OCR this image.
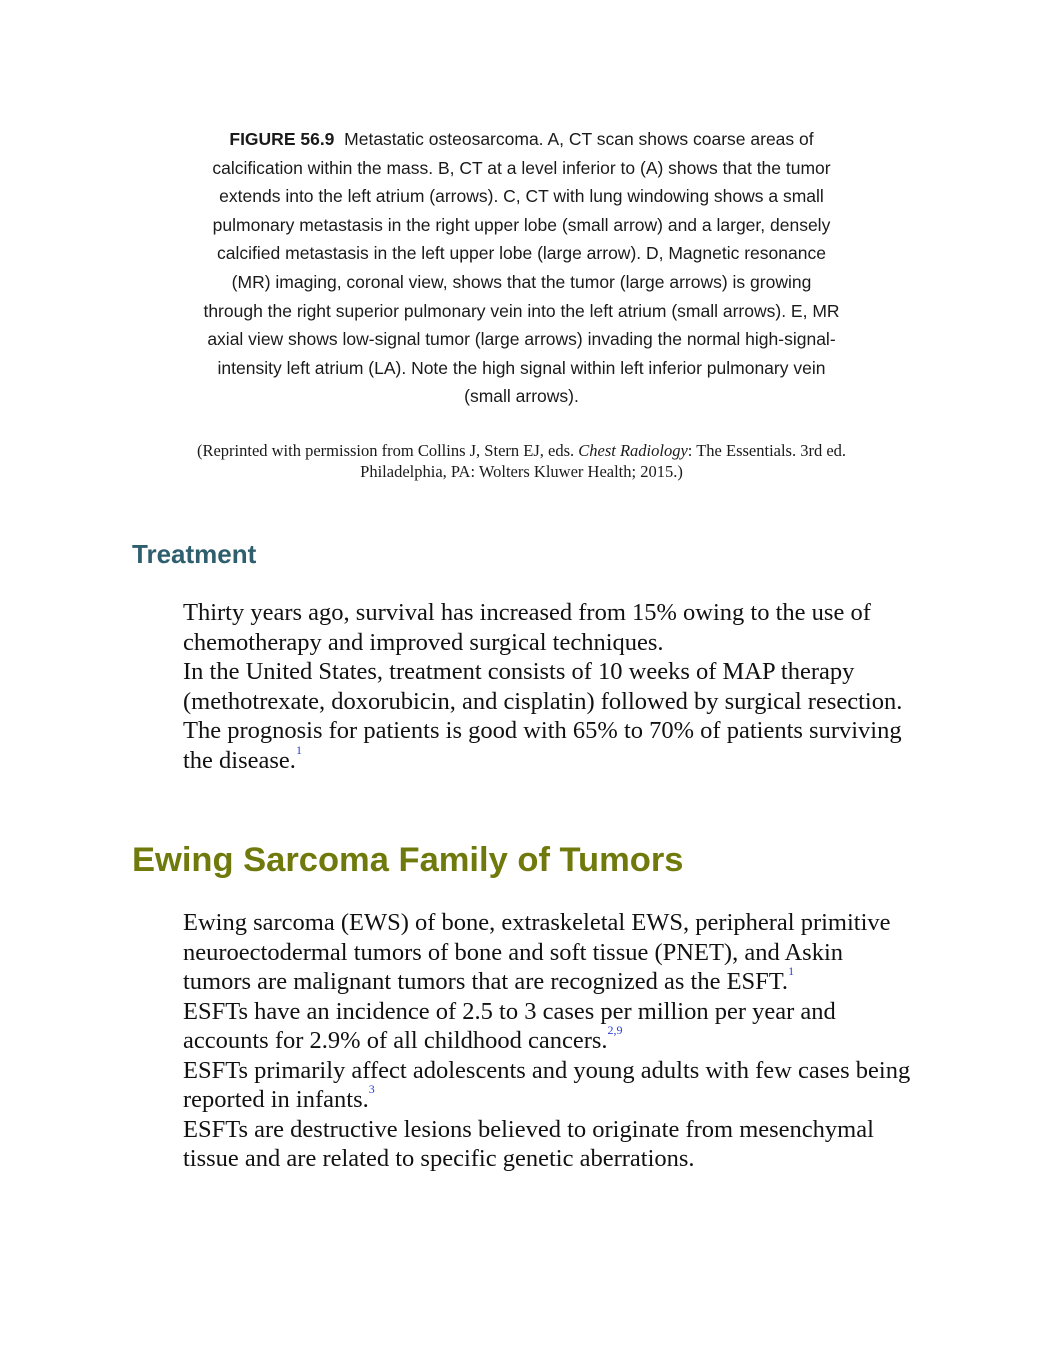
FIGURE 56.9 Metastatic osteosarcoma. A, CT scan shows coarse areas of calcification within the mass. B, CT at a level inferior to (A) shows that the tumor extends into the left atrium (arrows). C, CT with lung windowing shows a small pulmonary metastasis in the right upper lobe (small arrow) and a larger, densely calcified metastasis in the left upper lobe (large arrow). D, Magnetic resonance (MR) imaging, coronal view, shows that the tumor (large arrows) is growing through the right superior pulmonary vein into the left atrium (small arrows). E, MR axial view shows low-signal tumor (large arrows) invading the normal high-signal-intensity left atrium (LA). Note the high signal within left inferior pulmonary vein (small arrows).
(Reprinted with permission from Collins J, Stern EJ, eds. Chest Radiology: The Essentials. 3rd ed. Philadelphia, PA: Wolters Kluwer Health; 2015.)
Treatment

Thirty years ago, survival has increased from 15% owing to the use of chemotherapy and improved surgical techniques.

In the United States, treatment consists of 10 weeks of MAP therapy (methotrexate, doxorubicin, and cisplatin) followed by surgical resection.

The prognosis for patients is good with 65% to 70% of patients surviving the disease.$^1$

Ewing Sarcoma Family of Tumors

Ewing sarcoma (EWS) of bone, extraskeletal EWS, peripheral primitive neuroectodermal tumors of bone and soft tissue (PNET), and Askin tumors are malignant tumors that are recognized as the ESFT.$^1$

ESFTs have an incidence of 2.5 to 3 cases per million per year and accounts for 2.9% of all childhood cancers.$^{2,9}$

ESFTs primarily affect adolescents and young adults with few cases being reported in infants.$^3$

ESFTs are destructive lesions believed to originate from mesenchymal tissue and are related to specific genetic aberrations.
